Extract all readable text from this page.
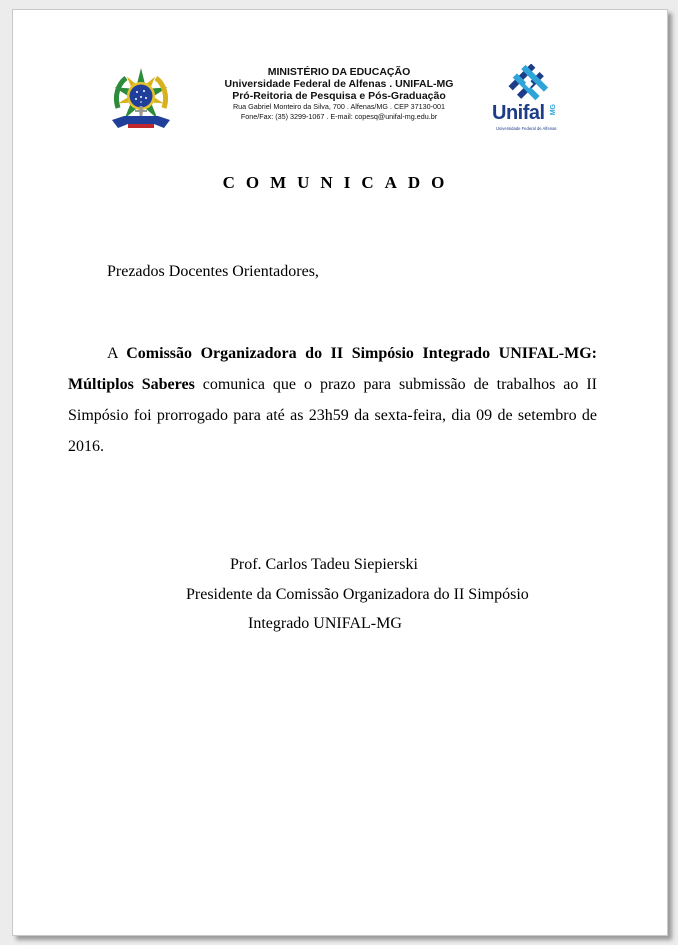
MINISTÉRIO DA EDUCAÇÃO
Universidade Federal de Alfenas . UNIFAL-MG
Pró-Reitoria de Pesquisa e Pós-Graduação
Rua Gabriel Monteiro da Silva, 700 . Alfenas/MG . CEP 37130-001
Fone/Fax: (35) 3299-1067 . E-mail: copesq@unifal-mg.edu.br	Unifal MG
Universidade Federal de Alfenas
COMUNICADO
Prezados Docentes Orientadores,
A Comissão Organizadora do II Simpósio Integrado UNIFAL-MG: Múltiplos Saberes comunica que o prazo para submissão de trabalhos ao II Simpósio foi prorrogado para até as 23h59 da sexta-feira, dia 09 de setembro de 2016.
Prof. Carlos Tadeu Siepierski
Presidente da Comissão Organizadora do II Simpósio
Integrado UNIFAL-MG
